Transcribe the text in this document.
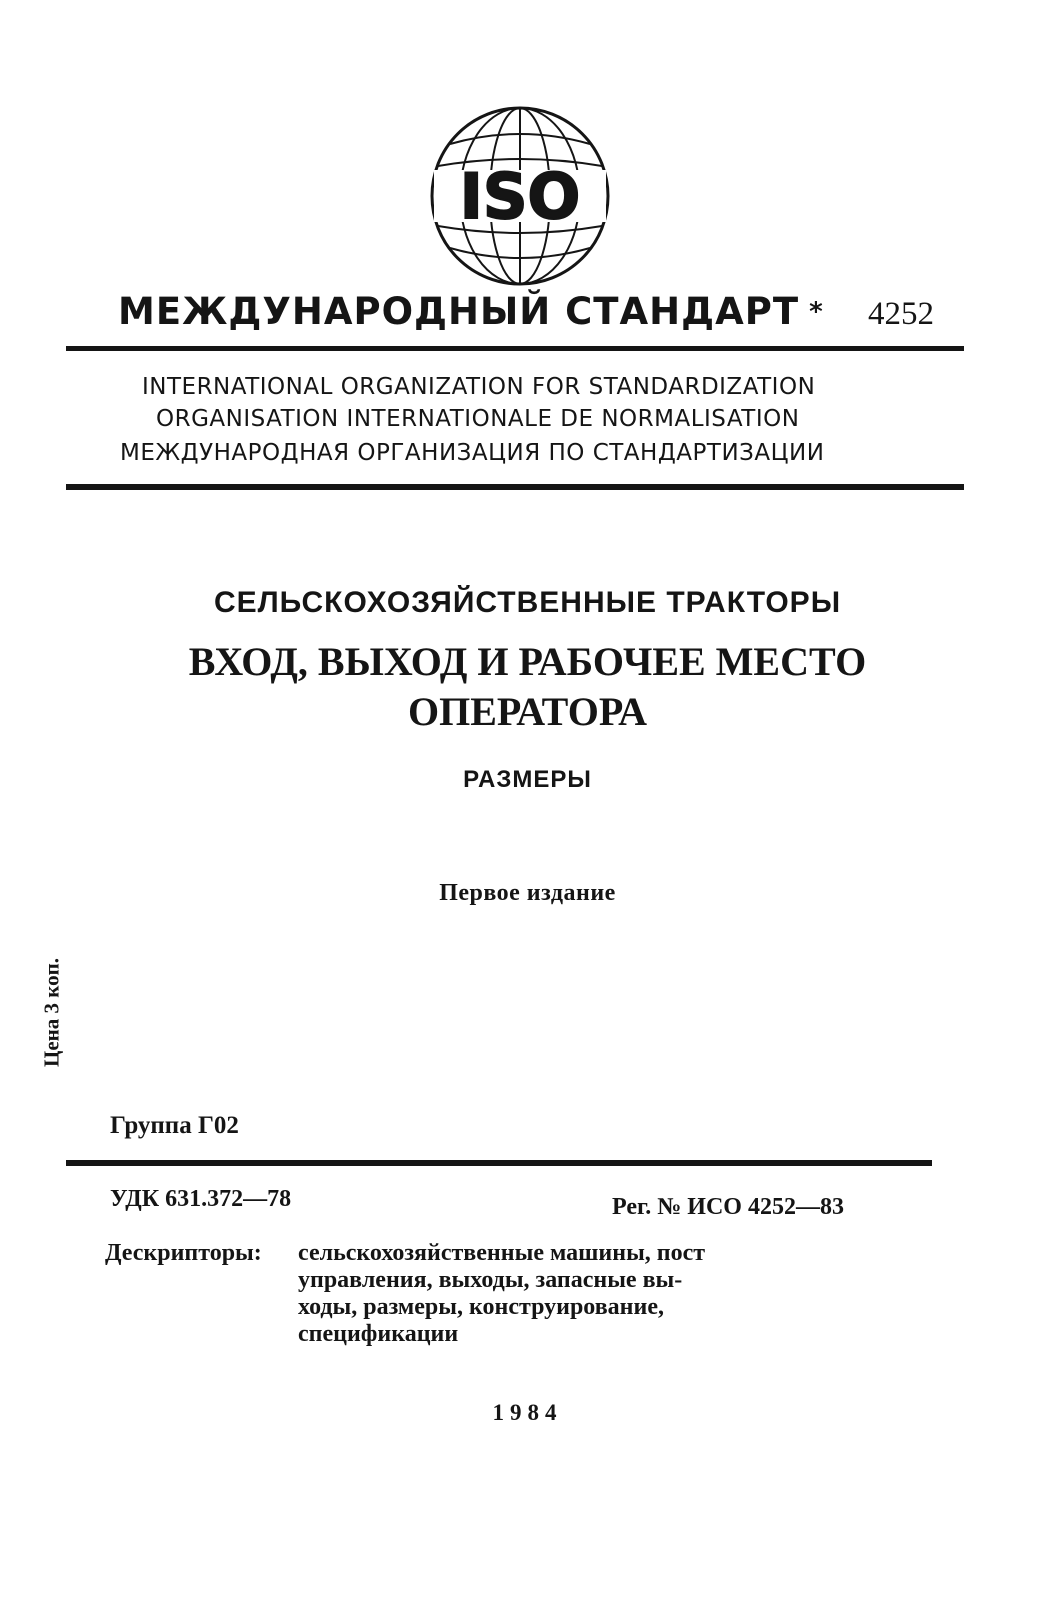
ISO
МЕЖДУНАРОДНЫЙ СТАНДАРТ * 4252
INTERNATIONAL ORGANIZATION FOR STANDARDIZATION
ORGANISATION INTERNATIONALE DE NORMALISATION
МЕЖДУНАРОДНАЯ ОРГАНИЗАЦИЯ ПО СТАНДАРТИЗАЦИИ
СЕЛЬСКОХОЗЯЙСТВЕННЫЕ ТРАКТОРЫ
ВХОД, ВЫХОД И РАБОЧЕЕ МЕСТО
ОПЕРАТОРА
РАЗМЕРЫ
Первое издание
Цена 3 коп.
Группа Г02
УДК 631.372—78	Рег. № ИСО 4252—83
Дескрипторы: сельскохозяйственные машины, пост
управления, выходы, запасные вы-
ходы, размеры, конструирование,
спецификации
1984
